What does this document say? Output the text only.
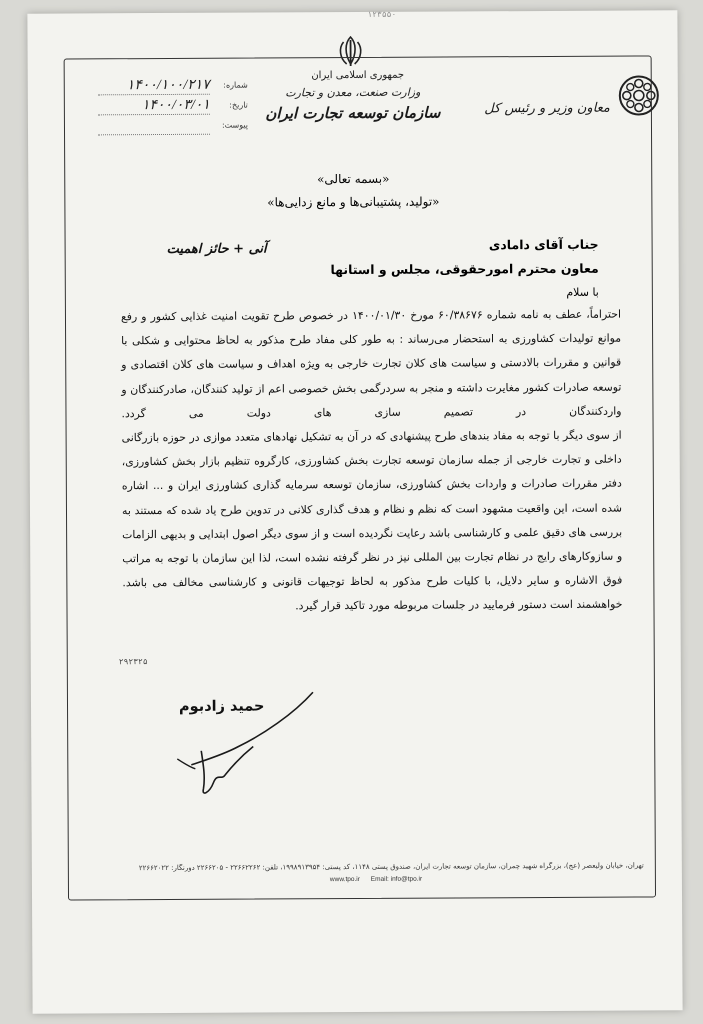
۱۲۳۵۵۰
جمهوری اسلامی ایران
وزارت صنعت، معدن و تجارت
سازمان توسعه تجارت ایران	معاون وزیر و رئیس کل
شماره:
۱۴۰۰/۱۰۰/۲۱۷
تاریخ:
۱۴۰۰/۰۳/۰۱
پیوست:
«بسمه تعالی»
«تولید، پشتیبانی‌ها و مانع زدایی‌ها»
آنی + حائز اهمیت	جناب آقای دامادی
معاون محترم امورحقوقی، مجلس و استانها
با سلام

احتراماً، عطف به نامه شماره ۶۰/۳۸۶۷۶ مورخ ۱۴۰۰/۰۱/۳۰ در خصوص طرح تقویت امنیت غذایی کشور و رفع موانع تولیدات کشاورزی به استحضار می‌رساند : به طور کلی مفاد طرح مذکور به لحاظ محتوایی و شکلی با قوانین و مقررات بالادستی و سیاست های کلان تجارت خارجی به ویژه اهداف و سیاست های کلان اقتصادی و توسعه صادرات کشور مغایرت داشته و منجر به سردرگمی بخش خصوصی اعم از تولید کنندگان، صادرکنندگان و واردکنندگان در تصمیم سازی های دولت می گردد.

از سوی دیگر با توجه به مفاد بندهای طرح پیشنهادی که در آن به تشکیل نهادهای متعدد موازی در حوزه بازرگانی داخلی و تجارت خارجی از جمله سازمان توسعه تجارت بخش کشاورزی، کارگروه تنظیم بازار بخش کشاورزی، دفتر مقررات صادرات و واردات بخش کشاورزی، سازمان توسعه سرمایه گذاری کشاورزی ایران و ... اشاره شده است، این واقعیت مشهود است که نظم و نظام و هدف گذاری کلانی در تدوین طرح یاد شده که مستند به بررسی های دقیق علمی و کارشناسی باشد رعایت نگردیده است و از سوی دیگر اصول ابتدایی و بدیهی الزامات و سازوکارهای رایج در نظام تجارت بین المللی نیز در نظر گرفته نشده است، لذا این سازمان با توجه به مراتب فوق الاشاره و سایر دلایل، با کلیات طرح مذکور به لحاظ توجیهات قانونی و کارشناسی مخالف می باشد. خواهشمند است دستور فرمایید در جلسات مربوطه مورد تاکید قرار گیرد.

۲۹۲۳۲۵
حمید زادبوم
تهران، خیابان ولیعصر (عج)، بزرگراه شهید چمران، سازمان توسعه تجارت ایران، صندوق پستی ۱۱۴۸، کد پستی: ۱۹۹۸۹۱۳۹۵۴، تلفن: ۲۲۶۶۲۲۶۲ - ۲۲۶۶۲۰۵ دورنگار: ۲۲۶۶۲۰۲۲
www.tpo.ir Email: info@tpo.ir
